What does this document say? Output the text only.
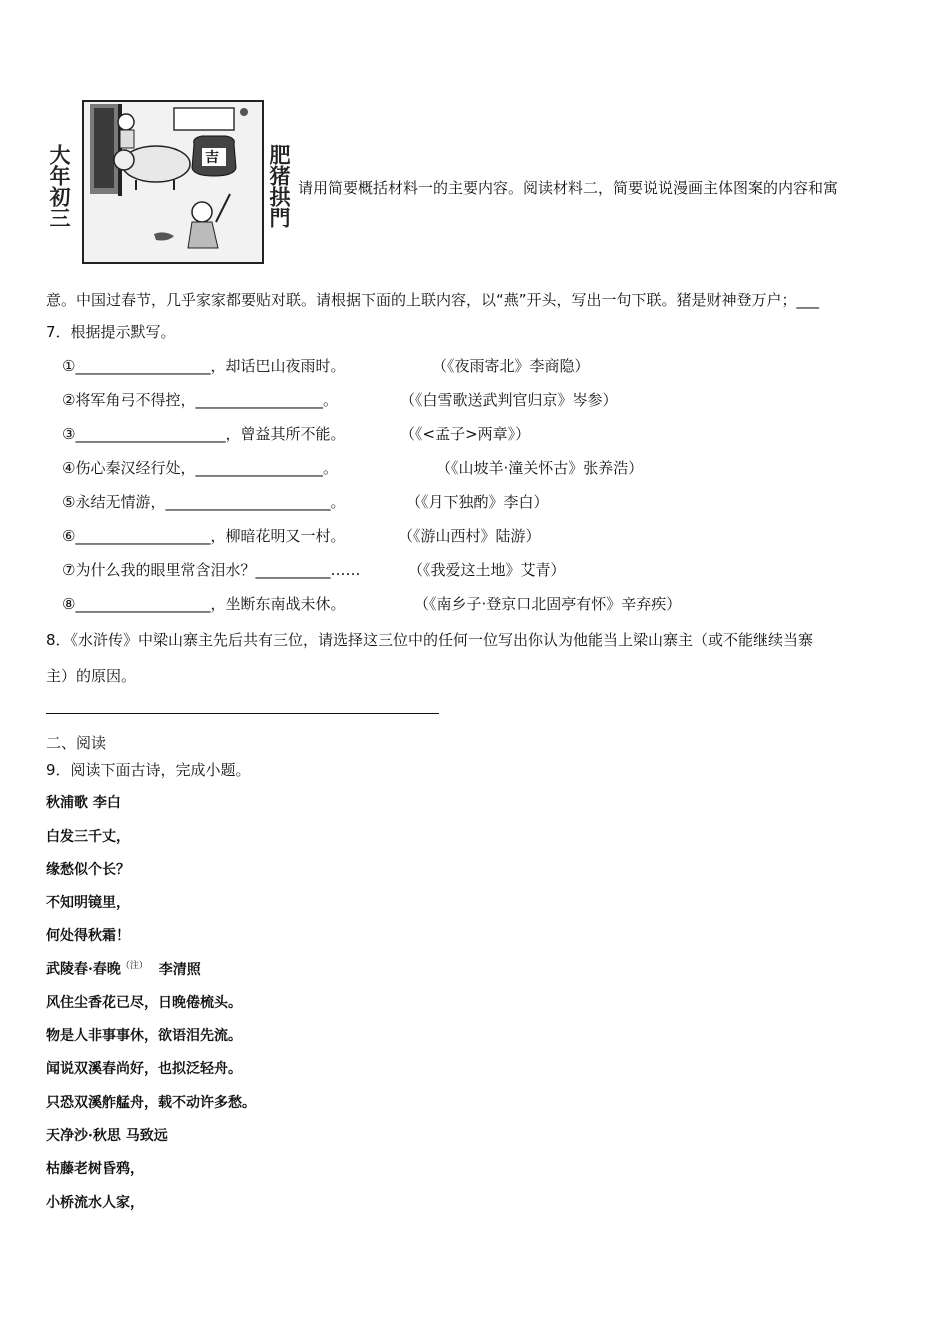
大年初三	吉 肥猪拱門 请用简要概括材料一的主要内容。阅读材料二，简要说说漫画主体图案的内容和寓
意。中国过春节，几乎家家都要贴对联。请根据下面的上联内容，以“燕”开头，写出一句下联。猪是财神登万户；___
7．根据提示默写。
①__________________，却话巴山夜雨时。	（《夜雨寄北》李商隐）
②将军角弓不得控，_________________。	（《白雪歌送武判官归京》岑参）
③____________________，曾益其所不能。	（《<孟子>两章》）
④伤心秦汉经行处，_________________。	（《山坡羊·潼关怀古》张养浩）
⑤永结无情游，______________________。	（《月下独酌》李白）
⑥__________________，柳暗花明又一村。	（《游山西村》陆游）
⑦为什么我的眼里常含泪水？__________……	（《我爱这土地》艾青）
⑧__________________，坐断东南战未休。	（《南乡子·登京口北固亭有怀》辛弃疾）
8．《水浒传》中梁山寨主先后共有三位，请选择这三位中的任何一位写出你认为他能当上梁山寨主（或不能继续当寨
主）的原因。
二、阅读
9．阅读下面古诗，完成小题。
秋浦歌 李白
白发三千丈，
缘愁似个长？
不知明镜里，
何处得秋霜！
武陵春·春晚$^{(注)}$ 李清照
风住尘香花已尽，日晚倦梳头。
物是人非事事休，欲语泪先流。
闻说双溪春尚好，也拟泛轻舟。
只恐双溪舴艋舟，载不动许多愁。
天净沙·秋思 马致远
枯藤老树昏鸦，
小桥流水人家，
